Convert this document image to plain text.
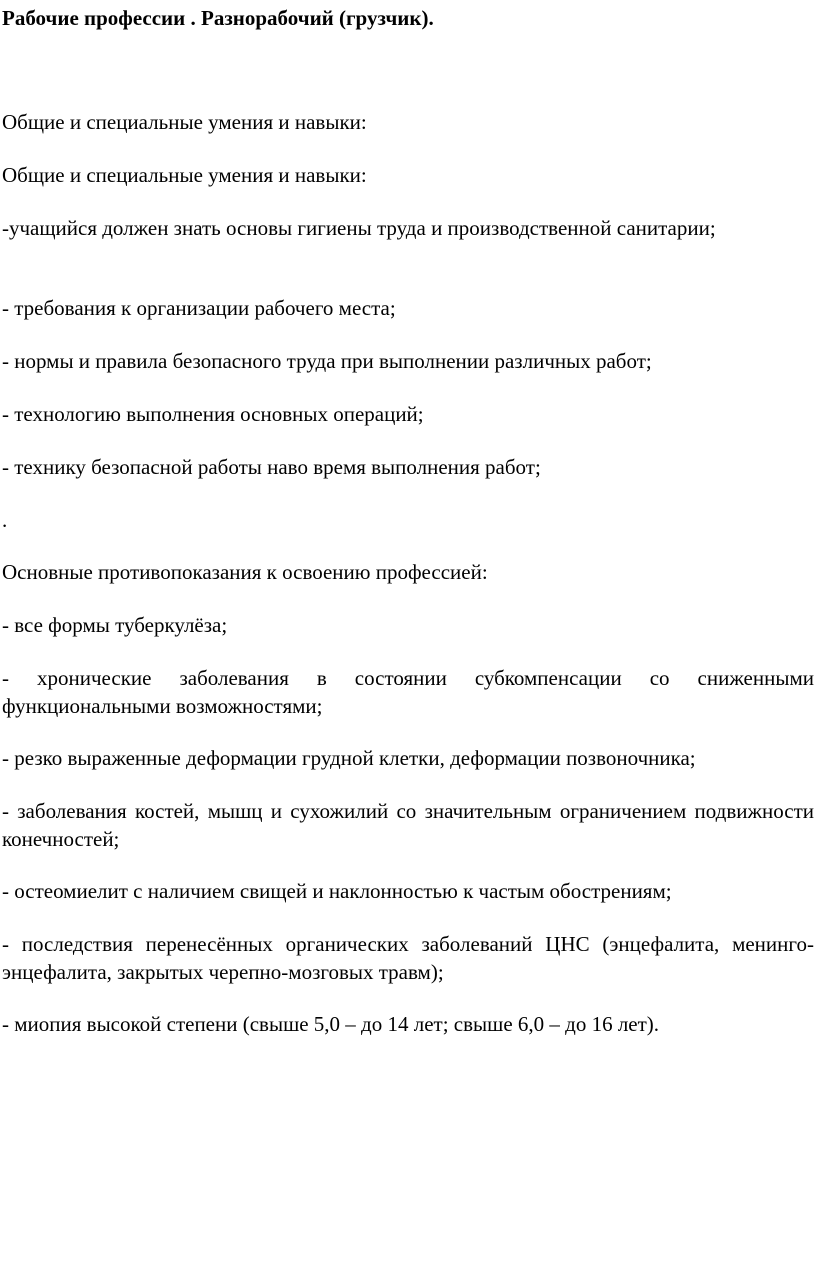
Рабочие профессии . Разнорабочий (грузчик).

Общие и специальные умения и навыки:

Общие и специальные умения и навыки:

-учащийся должен знать основы гигиены труда и производственной санитарии;

- требования к организации рабочего места;

- нормы и правила безопасного труда при выполнении различных работ;

- технологию выполнения основных операций;

- технику безопасной работы наво время выполнения работ;

.

Основные противопоказания к освоению профессией:

- все формы туберкулёза;

- хронические заболевания в состоянии субкомпенсации со сниженными функциональными возможностями;

- резко выраженные деформации грудной клетки, деформации позвоночника;

- заболевания костей, мышц и сухожилий со значительным ограничением подвижности конечностей;

- остеомиелит с наличием свищей и наклонностью к частым обострениям;

- последствия перенесённых органических заболеваний ЦНС (энцефалита, менинго-энцефалита, закрытых черепно-мозговых травм);

- миопия высокой степени (свыше 5,0 – до 14 лет; свыше 6,0 – до 16 лет).
